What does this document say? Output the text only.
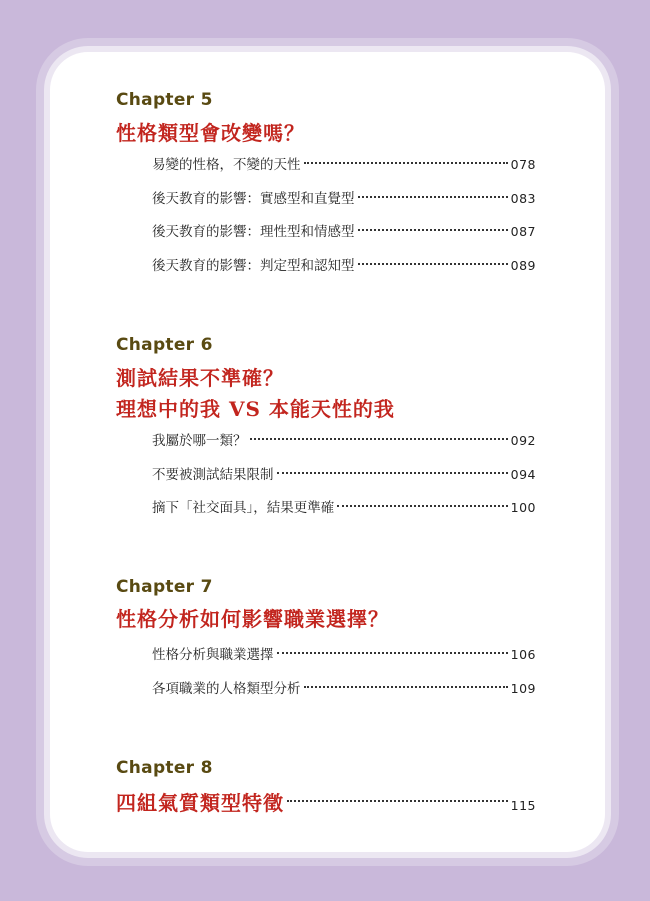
Chapter 5
性格類型會改變嗎？
易變的性格，不變的天性	078
後天教育的影響：實感型和直覺型	083
後天教育的影響：理性型和情感型	087
後天教育的影響：判定型和認知型	089
Chapter 6
測試結果不準確？
理想中的我 VS 本能天性的我
我屬於哪一類？	092
不要被測試結果限制	094
摘下「社交面具」，結果更準確	100
Chapter 7
性格分析如何影響職業選擇？
性格分析與職業選擇	106
各項職業的人格類型分析	109
Chapter 8
四組氣質類型特徵	115
